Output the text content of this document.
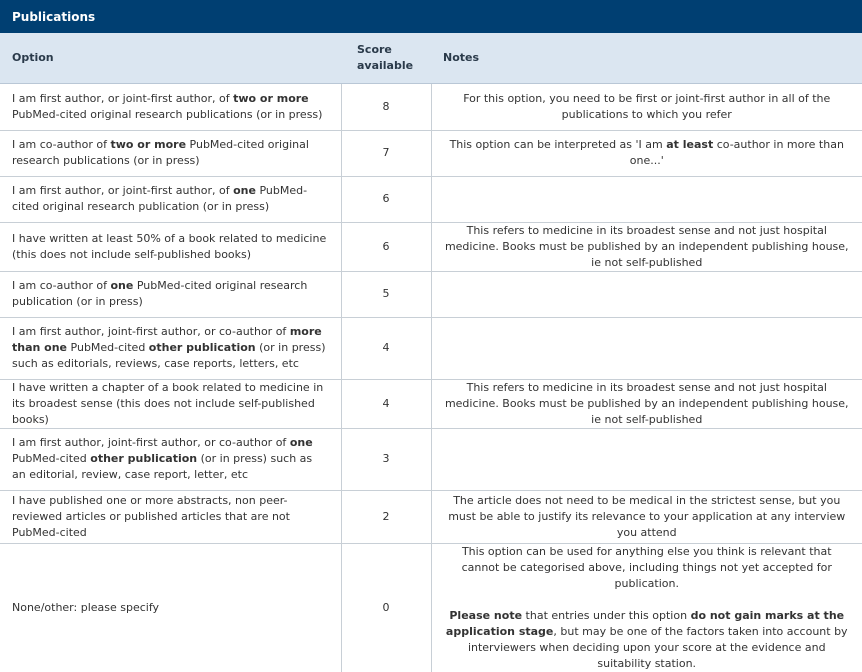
Publications
Option	Score available	Notes
I am first author, or joint-first author, of two or more PubMed-cited original research publications (or in press)	8	For this option, you need to be first or joint-first author in all of the publications to which you refer

I am co-author of two or more PubMed-cited original research publications (or in press)	7	This option can be interpreted as 'I am at least co-author in more than one...'

I am first author, or joint-first author, of one PubMed-cited original research publication (or in press)	6	
I have written at least 50% of a book related to medicine (this does not include self-published books)	6	This refers to medicine in its broadest sense and not just hospital medicine. Books must be published by an independent publishing house, ie not self-published

I am co-author of one PubMed-cited original research publication (or in press)	5	
I am first author, joint-first author, or co-author of more than one PubMed-cited other publication (or in press) such as editorials, reviews, case reports, letters, etc	4	
I have written a chapter of a book related to medicine in its broadest sense (this does not include self-published books)	4	This refers to medicine in its broadest sense and not just hospital medicine. Books must be published by an independent publishing house, ie not self-published

I am first author, joint-first author, or co-author of one PubMed-cited other publication (or in press) such as an editorial, review, case report, letter, etc	3	
I have published one or more abstracts, non peer-reviewed articles or published articles that are not PubMed-cited	2	The article does not need to be medical in the strictest sense, but you must be able to justify its relevance to your application at any interview you attend

None/other: please specify	0	This option can be used for anything else you think is relevant that cannot be categorised above, including things not yet accepted for publication.

Please note that entries under this option do not gain marks at the application stage, but may be one of the factors taken into account by interviewers when deciding upon your score at the evidence and suitability station.
